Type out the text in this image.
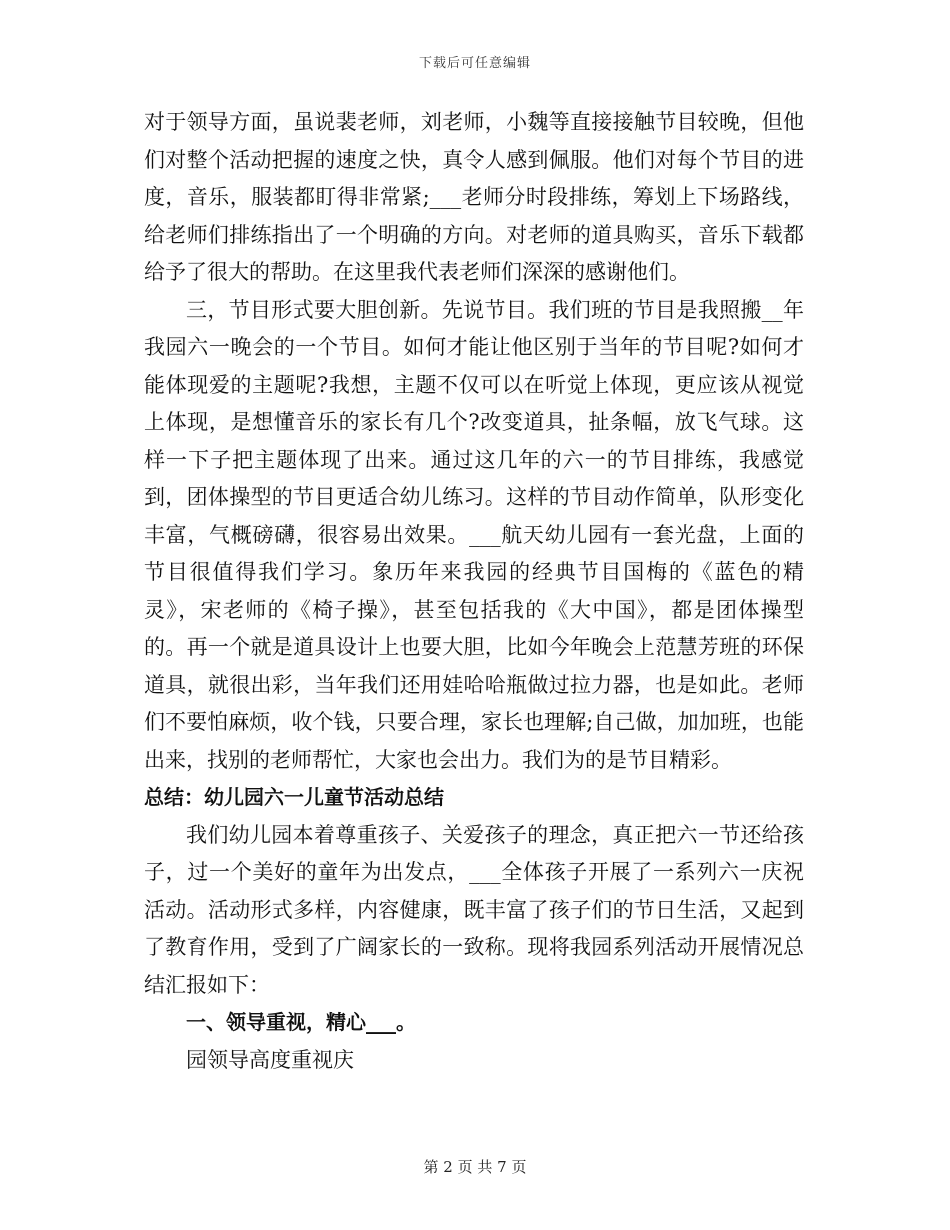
下载后可任意编辑

对于领导方面，虽说裴老师，刘老师，小魏等直接接触节目较晚，但他们对整个活动把握的速度之快，真令人感到佩服。他们对每个节目的进度，音乐，服装都盯得非常紧;___老师分时段排练，筹划上下场路线，给老师们排练指出了一个明确的方向。对老师的道具购买，音乐下载都给予了很大的帮助。在这里我代表老师们深深的感谢他们。

三，节目形式要大胆创新。先说节目。我们班的节目是我照搬__年我园六一晚会的一个节目。如何才能让他区别于当年的节目呢?如何才能体现爱的主题呢?我想，主题不仅可以在听觉上体现，更应该从视觉上体现，是想懂音乐的家长有几个?改变道具，扯条幅，放飞气球。这样一下子把主题体现了出来。通过这几年的六一的节目排练，我感觉到，团体操型的节目更适合幼儿练习。这样的节目动作简单，队形变化丰富，气概磅礴，很容易出效果。___航天幼儿园有一套光盘，上面的节目很值得我们学习。象历年来我园的经典节目国梅的《蓝色的精灵》，宋老师的《椅子操》，甚至包括我的《大中国》，都是团体操型的。再一个就是道具设计上也要大胆，比如今年晚会上范慧芳班的环保道具，就很出彩，当年我们还用娃哈哈瓶做过拉力器，也是如此。老师们不要怕麻烦，收个钱，只要合理，家长也理解;自己做，加加班，也能出来，找别的老师帮忙，大家也会出力。我们为的是节目精彩。

总结：幼儿园六一儿童节活动总结

我们幼儿园本着尊重孩子、关爱孩子的理念，真正把六一节还给孩子，过一个美好的童年为出发点，___全体孩子开展了一系列六一庆祝活动。活动形式多样，内容健康，既丰富了孩子们的节日生活，又起到了教育作用，受到了广阔家长的一致称。现将我园系列活动开展情况总结汇报如下：

一、领导重视，精心___。

园领导高度重视庆

第 2 页 共 7 页
